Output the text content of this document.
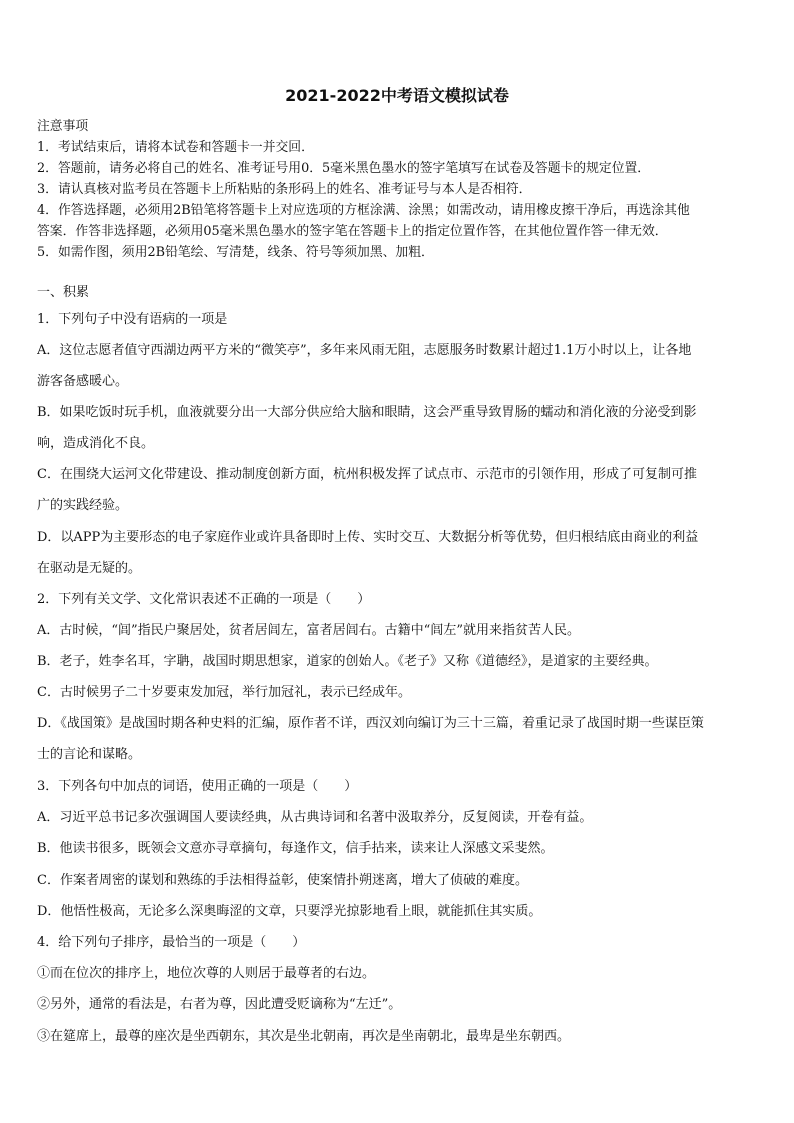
2021-2022中考语文模拟试卷
注意事项
1．考试结束后，请将本试卷和答题卡一并交回．
2．答题前，请务必将自己的姓名、准考证号用0．5毫米黑色墨水的签字笔填写在试卷及答题卡的规定位置．
3．请认真核对监考员在答题卡上所粘贴的条形码上的姓名、准考证号与本人是否相符．
4．作答选择题，必须用2B铅笔将答题卡上对应选项的方框涂满、涂黑；如需改动，请用橡皮擦干净后，再选涂其他
答案．作答非选择题，必须用05毫米黑色墨水的签字笔在答题卡上的指定位置作答，在其他位置作答一律无效．
5．如需作图，须用2B铅笔绘、写清楚，线条、符号等须加黑、加粗．
一、积累
1．下列句子中没有语病的一项是
A．这位志愿者值守西湖边两平方米的“微笑亭”，多年来风雨无阻，志愿服务时数累计超过1.1万小时以上，让各地
游客备感暖心。
B．如果吃饭时玩手机，血液就要分出一大部分供应给大脑和眼睛，这会严重导致胃肠的蠕动和消化液的分泌受到影
响，造成消化不良。
C．在围绕大运河文化带建设、推动制度创新方面，杭州积极发挥了试点市、示范市的引领作用，形成了可复制可推
广的实践经验。
D．以APP为主要形态的电子家庭作业或许具备即时上传、实时交互、大数据分析等优势，但归根结底由商业的利益
在驱动是无疑的。
2．下列有关文学、文化常识表述不正确的一项是（　　）
A．古时候，“闾”指民户聚居处，贫者居闾左，富者居闾右。古籍中“闾左”就用来指贫苦人民。
B．老子，姓李名耳，字聃，战国时期思想家，道家的创始人。《老子》又称《道德经》，是道家的主要经典。
C．古时候男子二十岁要束发加冠，举行加冠礼，表示已经成年。
D．《战国策》是战国时期各种史料的汇编，原作者不详，西汉刘向编订为三十三篇，着重记录了战国时期一些谋臣策
士的言论和谋略。
3．下列各句中加点的词语，使用正确的一项是（　　）
A．习近平总书记多次强调国人要读经典，从古典诗词和名著中汲取养分，反复阅读，开卷有益。
B．他读书很多，既领会文意亦寻章摘句，每逢作文，信手拈来，读来让人深感文采斐然。
C．作案者周密的谋划和熟练的手法相得益彰，使案情扑朔迷离，增大了侦破的难度。
D．他悟性极高，无论多么深奥晦涩的文章，只要浮光掠影地看上眼，就能抓住其实质。
4．给下列句子排序，最恰当的一项是（　　）
①而在位次的排序上，地位次尊的人则居于最尊者的右边。
②另外，通常的看法是，右者为尊，因此遭受贬谪称为“左迁”。
③在筵席上，最尊的座次是坐西朝东，其次是坐北朝南，再次是坐南朝北，最卑是坐东朝西。
